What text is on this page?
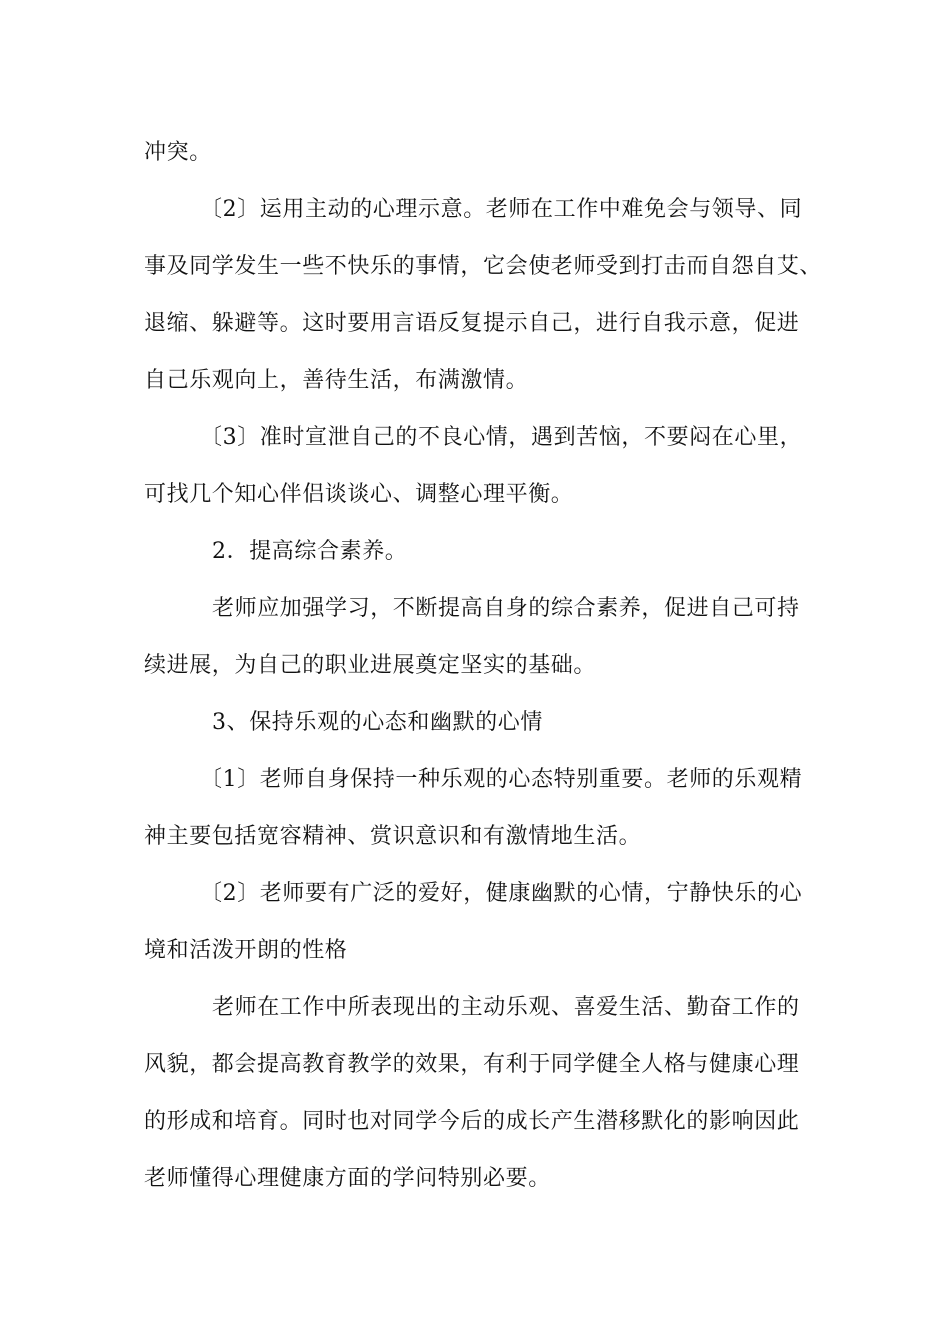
冲突。
〔2〕运用主动的心理示意。老师在工作中难免会与领导、同
事及同学发生一些不快乐的事情，它会使老师受到打击而自怨自艾、
退缩、躲避等。这时要用言语反复提示自己，进行自我示意，促进
自己乐观向上，善待生活，布满激情。
〔3〕准时宣泄自己的不良心情，遇到苦恼，不要闷在心里，
可找几个知心伴侣谈谈心、调整心理平衡。
2．提高综合素养。
老师应加强学习，不断提高自身的综合素养，促进自己可持
续进展，为自己的职业进展奠定坚实的基础。
3、保持乐观的心态和幽默的心情
〔1〕老师自身保持一种乐观的心态特别重要。老师的乐观精
神主要包括宽容精神、赏识意识和有激情地生活。
〔2〕老师要有广泛的爱好，健康幽默的心情，宁静快乐的心
境和活泼开朗的性格
老师在工作中所表现出的主动乐观、喜爱生活、勤奋工作的
风貌，都会提高教育教学的效果，有利于同学健全人格与健康心理
的形成和培育。同时也对同学今后的成长产生潜移默化的影响因此
老师懂得心理健康方面的学问特别必要。
